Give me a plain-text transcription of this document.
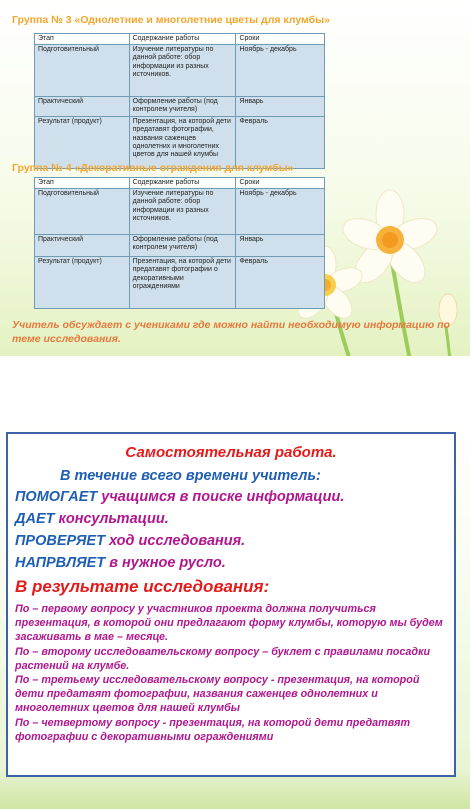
Группа № 3 «Однолетние и многолетние цветы для клумбы»
Этап	Содержание работы	Сроки
Подготовительный	Изучение литературы по данной работе: обор информации из разных источников.	Ноябрь - декабрь
Практический	Оформление работы (под контролем учителя)	Январь
Результат (продукт)	Презентация, на которой дети предатавят фотографии, названия саженцев однолетних и многолетних цветов для нашей клумбы	Февраль
Группа № 4 «Декоративные ограждения для клумбы»
Этап	Содержание работы	Сроки
Подготовительный	Изучение литературы по данной работе: обор информации из разных источников.	Ноябрь - декабрь
Практический	Оформление работы (под контролем учителя)	Январь
Результат (продукт)	Презентация, на которой дети предатавят фотографии о декоративными ограждениями	Февраль
Учитель обсуждает с учениками где можно найти необходимую информацию по теме исследования.
Самостоятельная работа.
В течение всего времени учитель:
ПОМОГАЕТ учащимся в поиске информации.
ДАЕТ консультации.
ПРОВЕРЯЕТ ход исследования.
НАПРВЛЯЕТ в нужное русло.
В результате исследования:

По – первому вопросу у участников проекта должна получиться презентация, в которой они предлагают форму клумбы, которую мы будем засаживать в мае – месяце.

По – второму исследовательскому вопросу – буклет с правилами посадки растений на клумбе.

По – третьему исследовательскому вопросу - презентация, на которой дети предатвят фотографии, названия саженцев однолетних и многолетних цветов для нашей клумбы

По – четвертому вопросу - презентация, на которой дети предатвят фотографии с декоративными ограждениями
